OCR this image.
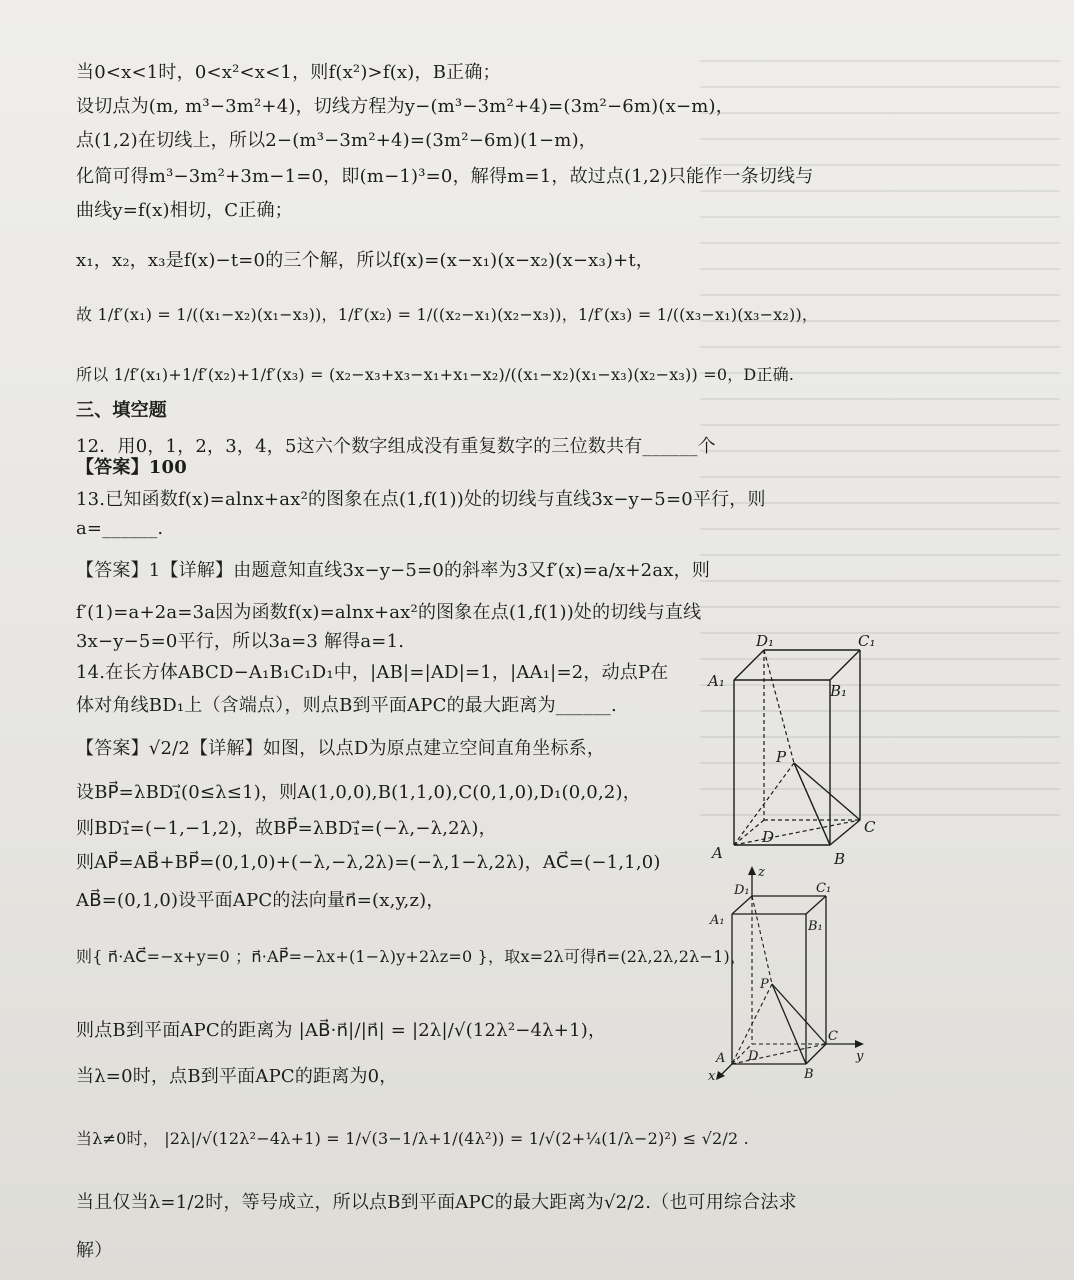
当0<x<1时，0<x²<x<1，则f(x²)>f(x)，B正确；
设切点为(m, m³−3m²+4)，切线方程为y−(m³−3m²+4)=(3m²−6m)(x−m)，
点(1,2)在切线上，所以2−(m³−3m²+4)=(3m²−6m)(1−m)，
化简可得m³−3m²+3m−1=0，即(m−1)³=0，解得m=1，故过点(1,2)只能作一条切线与
曲线y=f(x)相切，C正确；
x₁，x₂，x₃是f(x)−t=0的三个解，所以f(x)=(x−x₁)(x−x₂)(x−x₃)+t，
故 1/f′(x₁) = 1/((x₁−x₂)(x₁−x₃))，1/f′(x₂) = 1/((x₂−x₁)(x₂−x₃))，1/f′(x₃) = 1/((x₃−x₁)(x₃−x₂))，
所以 1/f′(x₁)+1/f′(x₂)+1/f′(x₃) = (x₂−x₃+x₃−x₁+x₁−x₂)/((x₁−x₂)(x₁−x₃)(x₂−x₃)) =0，D正确.
三、填空题
12．用0，1，2，3，4，5这六个数字组成没有重复数字的三位数共有______个
【答案】100
13.已知函数f(x)=alnx+ax²的图象在点(1,f(1))处的切线与直线3x−y−5=0平行，则
a=______.
【答案】1【详解】由题意知直线3x−y−5=0的斜率为3又f′(x)=a/x+2ax，则
f′(1)=a+2a=3a因为函数f(x)=alnx+ax²的图象在点(1,f(1))处的切线与直线
3x−y−5=0平行，所以3a=3 解得a=1.
14.在长方体ABCD−A₁B₁C₁D₁中，|AB|=|AD|=1，|AA₁|=2，动点P在
体对角线BD₁上（含端点），则点B到平面APC的最大距离为______.
【答案】√2/2【详解】如图，以点D为原点建立空间直角坐标系，
设BP⃗=λBD₁⃗(0≤λ≤1)，则A(1,0,0),B(1,1,0),C(0,1,0),D₁(0,0,2)，
则BD₁⃗=(−1,−1,2)，故BP⃗=λBD₁⃗=(−λ,−λ,2λ)，
则AP⃗=AB⃗+BP⃗=(0,1,0)+(−λ,−λ,2λ)=(−λ,1−λ,2λ)，AC⃗=(−1,1,0)
AB⃗=(0,1,0)设平面APC的法向量n⃗=(x,y,z)，
则{ n⃗·AC⃗=−x+y=0 ；n⃗·AP⃗=−λx+(1−λ)y+2λz=0 }，取x=2λ可得n⃗=(2λ,2λ,2λ−1)，
则点B到平面APC的距离为 |AB⃗·n⃗|/|n⃗| = |2λ|/√(12λ²−4λ+1)，
当λ=0时，点B到平面APC的距离为0，
当λ≠0时， |2λ|/√(12λ²−4λ+1) = 1/√(3−1/λ+1/(4λ²)) = 1/√(2+¼(1/λ−2)²) ≤ √2/2 .
当且仅当λ=1/2时，等号成立，所以点B到平面APC的最大距离为√2/2.（也可用综合法求
解）
D₁	C₁
A₁
B₁
P
D
C
A	B
z
D₁	C₁
A₁	B₁
P
C
D
A
B
x
y
